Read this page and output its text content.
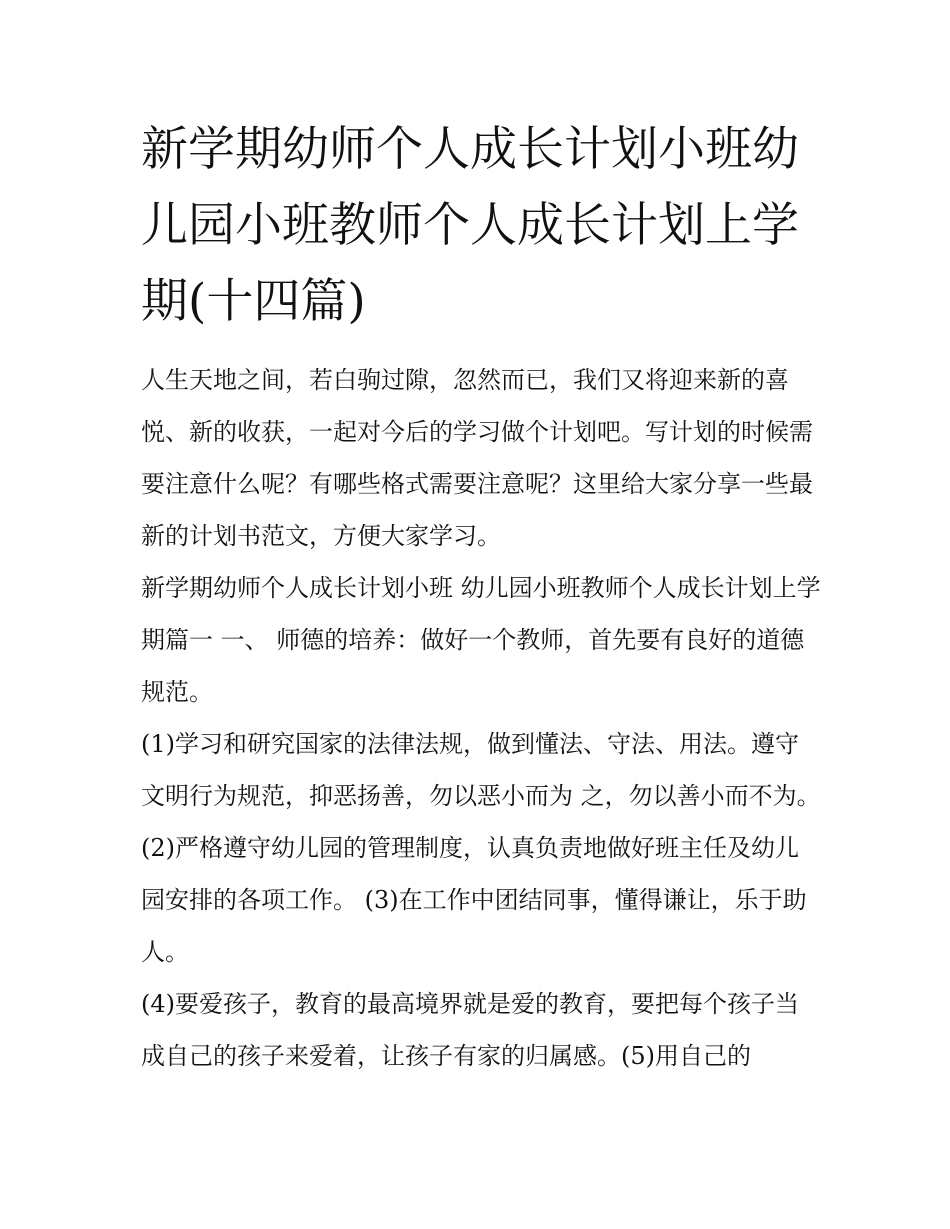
新学期幼师个人成长计划小班幼儿园小班教师个人成长计划上学期(十四篇)

人生天地之间，若白驹过隙，忽然而已，我们又将迎来新的喜悦、新的收获，一起对今后的学习做个计划吧。写计划的时候需要注意什么呢？有哪些格式需要注意呢？这里给大家分享一些最新的计划书范文，方便大家学习。

新学期幼师个人成长计划小班 幼儿园小班教师个人成长计划上学期篇一 一、 师德的培养：做好一个教师，首先要有良好的道德规范。

(1)学习和研究国家的法律法规，做到懂法、守法、用法。遵守文明行为规范，抑恶扬善，勿以恶小而为 之，勿以善小而不为。

(2)严格遵守幼儿园的管理制度，认真负责地做好班主任及幼儿园安排的各项工作。 (3)在工作中团结同事，懂得谦让，乐于助人。

(4)要爱孩子，教育的最高境界就是爱的教育，要把每个孩子当成自己的孩子来爱着，让孩子有家的归属感。(5)用自己的
